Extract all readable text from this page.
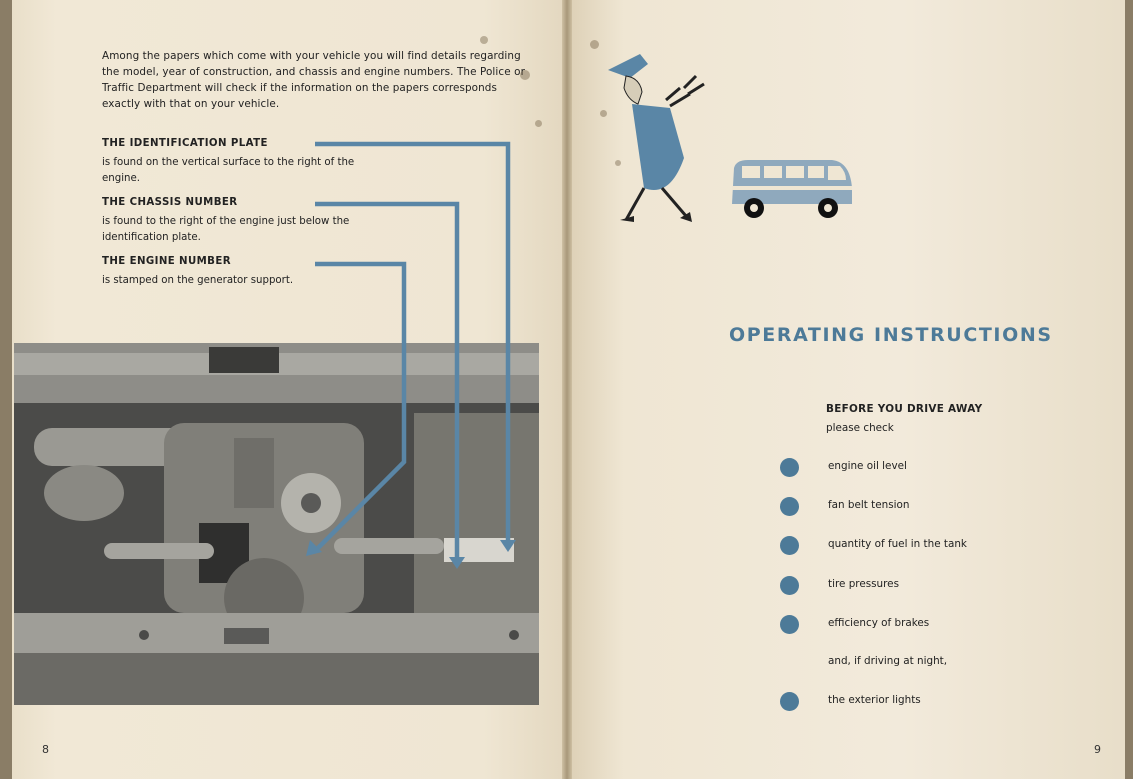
Among the papers which come with your vehicle you will find details regarding the model, year of construction, and chassis and engine numbers. The Police or Traffic Department will check if the information on the papers corresponds exactly with that on your vehicle.
THE IDENTIFICATION PLATE
is found on the vertical surface to the right of the engine.
THE CHASSIS NUMBER
is found to the right of the engine just below the identification plate.
THE ENGINE NUMBER
is stamped on the generator support.
8
OPERATING INSTRUCTIONS
BEFORE YOU DRIVE AWAY
please check
engine oil level
fan belt tension
quantity of fuel in the tank
tire pressures
efficiency of brakes
and, if driving at night,
the exterior lights
9
